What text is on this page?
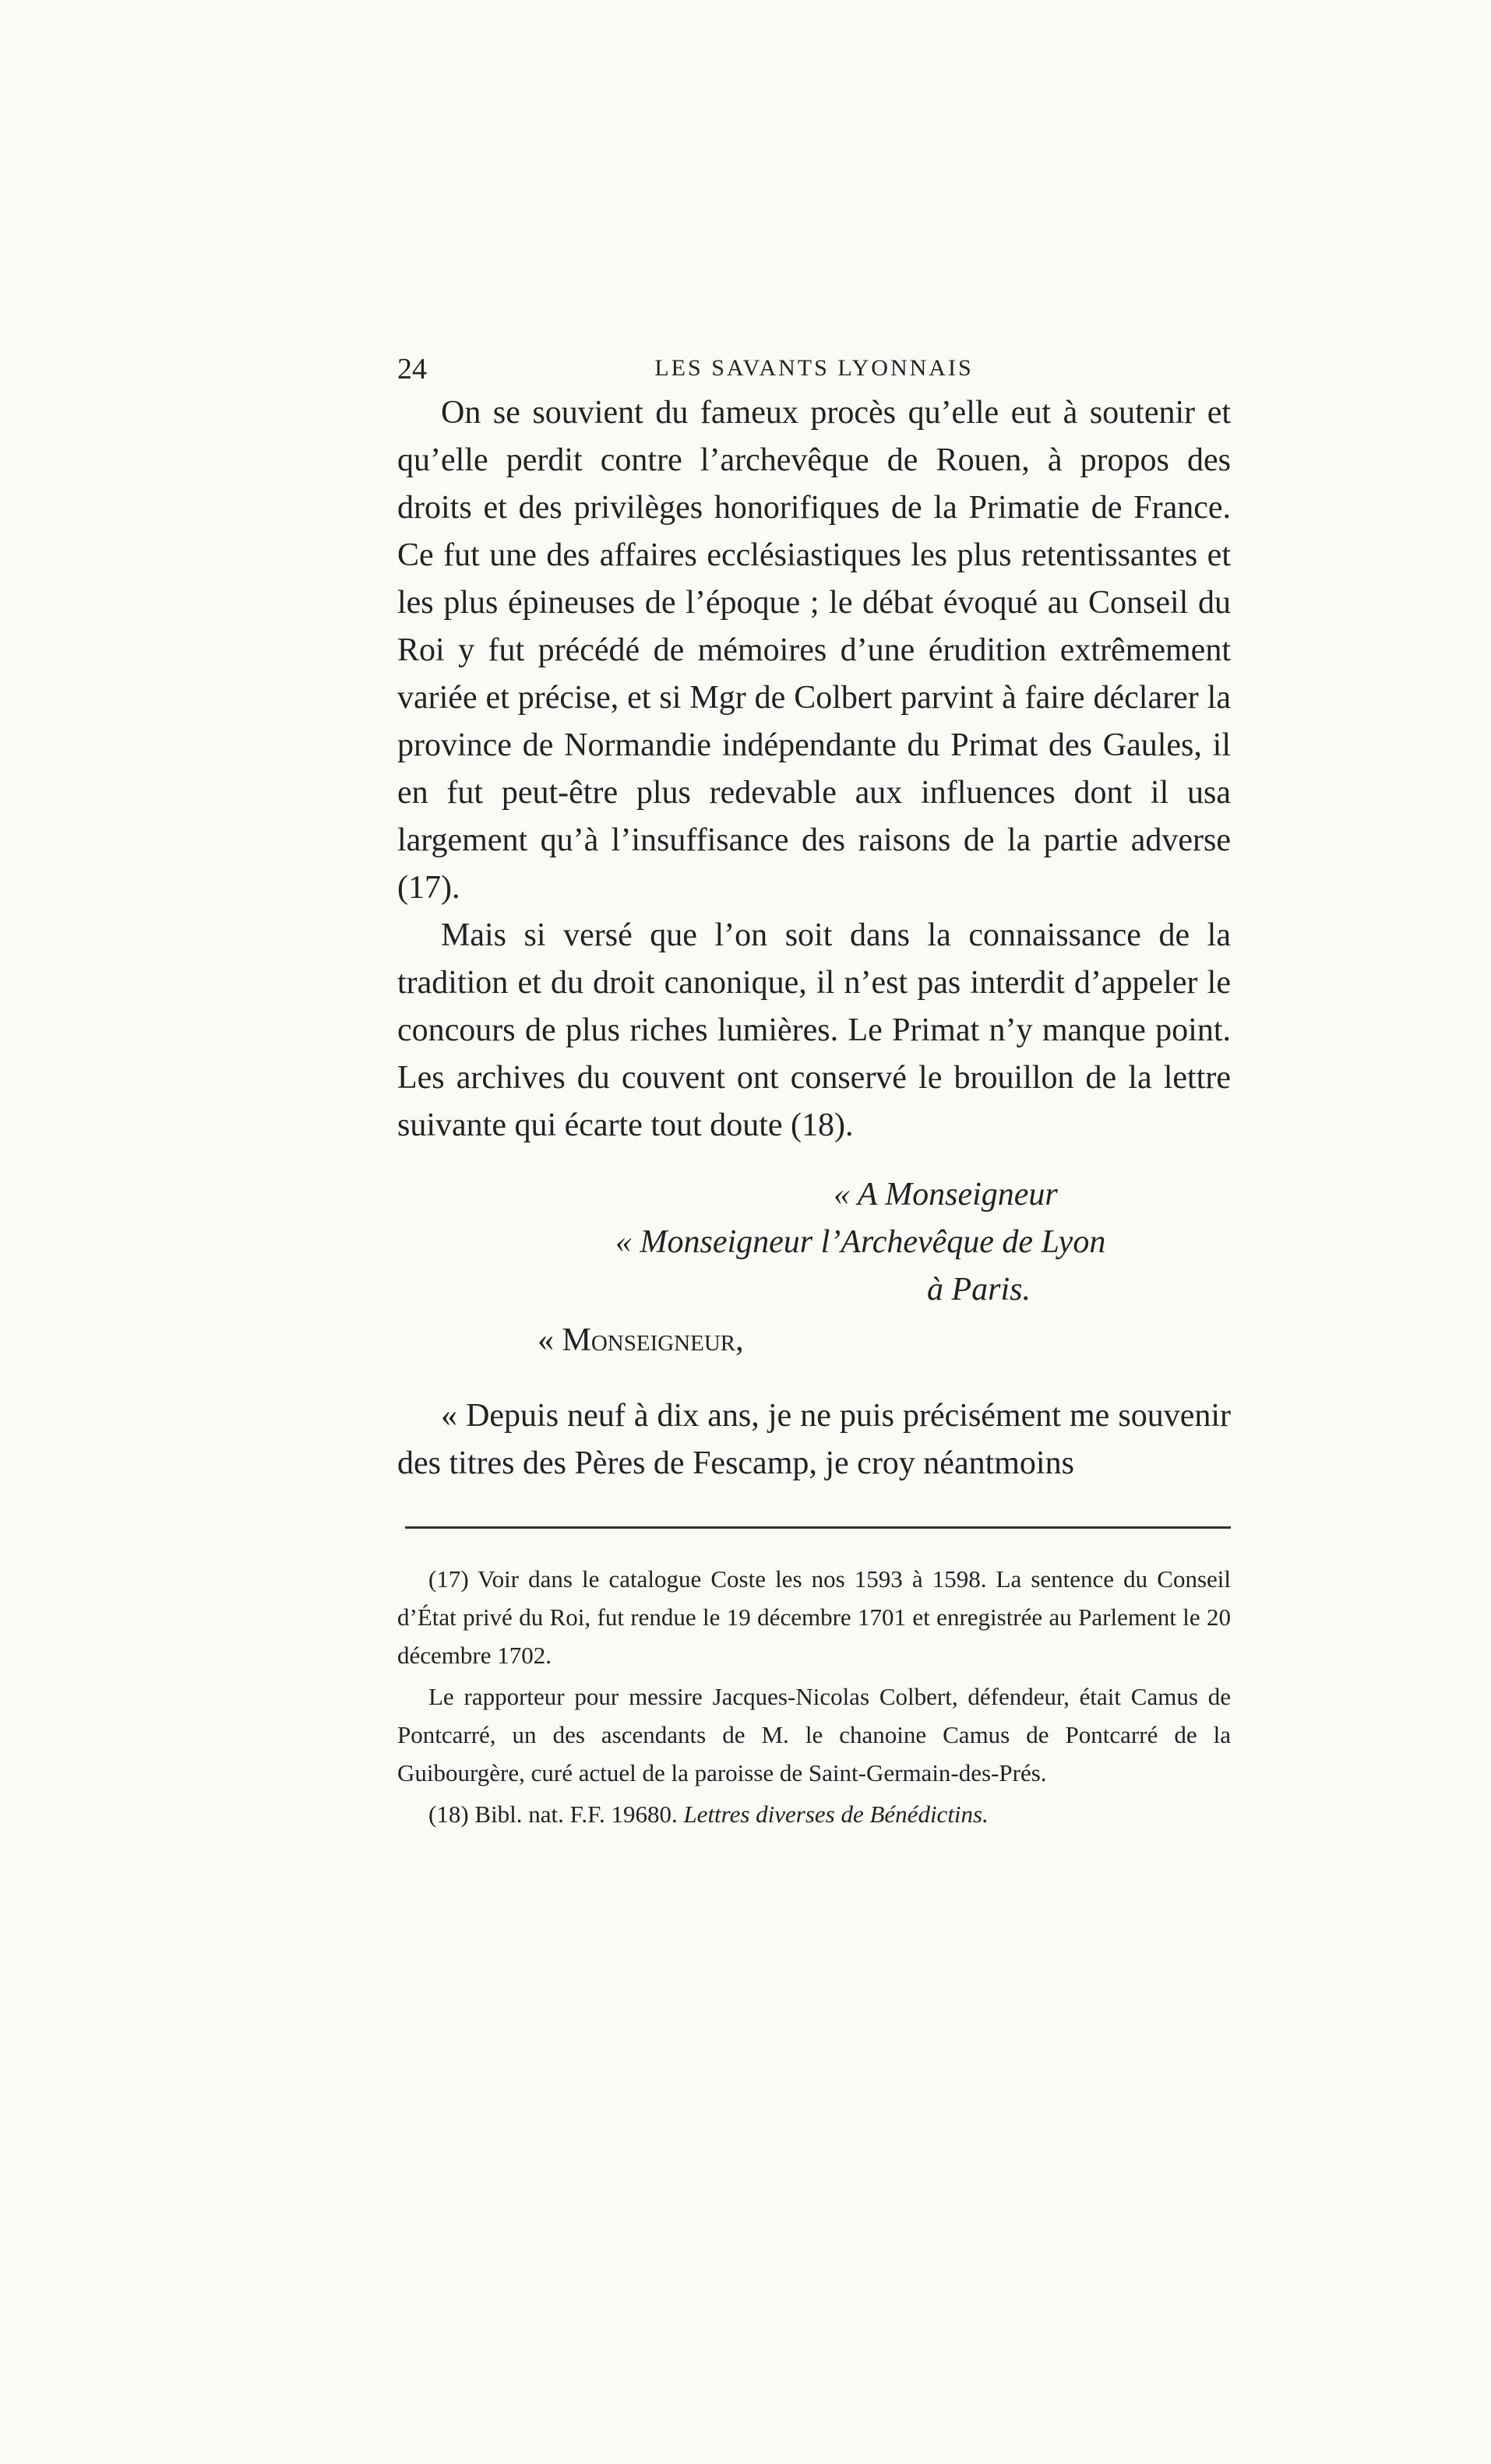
24	LES SAVANTS LYONNAIS

On se souvient du fameux procès qu’elle eut à soutenir et qu’elle perdit contre l’archevêque de Rouen, à propos des droits et des privilèges honorifiques de la Primatie de France. Ce fut une des affaires ecclésiastiques les plus retentissantes et les plus épineuses de l’époque ; le débat évoqué au Conseil du Roi y fut précédé de mémoires d’une érudition extrêmement variée et précise, et si Mgr de Colbert parvint à faire déclarer la province de Normandie indépendante du Primat des Gaules, il en fut peut-être plus redevable aux influences dont il usa largement qu’à l’insuffisance des raisons de la partie adverse (17).

Mais si versé que l’on soit dans la connaissance de la tradition et du droit canonique, il n’est pas interdit d’appeler le concours de plus riches lumières. Le Primat n’y manque point. Les archives du couvent ont conservé le brouillon de la lettre suivante qui écarte tout doute (18).

« A Monseigneur
« Monseigneur l’Archevêque de Lyon
à Paris.
« Monseigneur,
« Depuis neuf à dix ans, je ne puis précisément me souvenir des titres des Pères de Fescamp, je croy néantmoins

(17) Voir dans le catalogue Coste les nos 1593 à 1598. La sentence du Conseil d’État privé du Roi, fut rendue le 19 décembre 1701 et enregistrée au Parlement le 20 décembre 1702.

Le rapporteur pour messire Jacques-Nicolas Colbert, défendeur, était Camus de Pontcarré, un des ascendants de M. le chanoine Camus de Pontcarré de la Guibourgère, curé actuel de la paroisse de Saint-Germain-des-Prés.

(18) Bibl. nat. F.F. 19680. Lettres diverses de Bénédictins.
